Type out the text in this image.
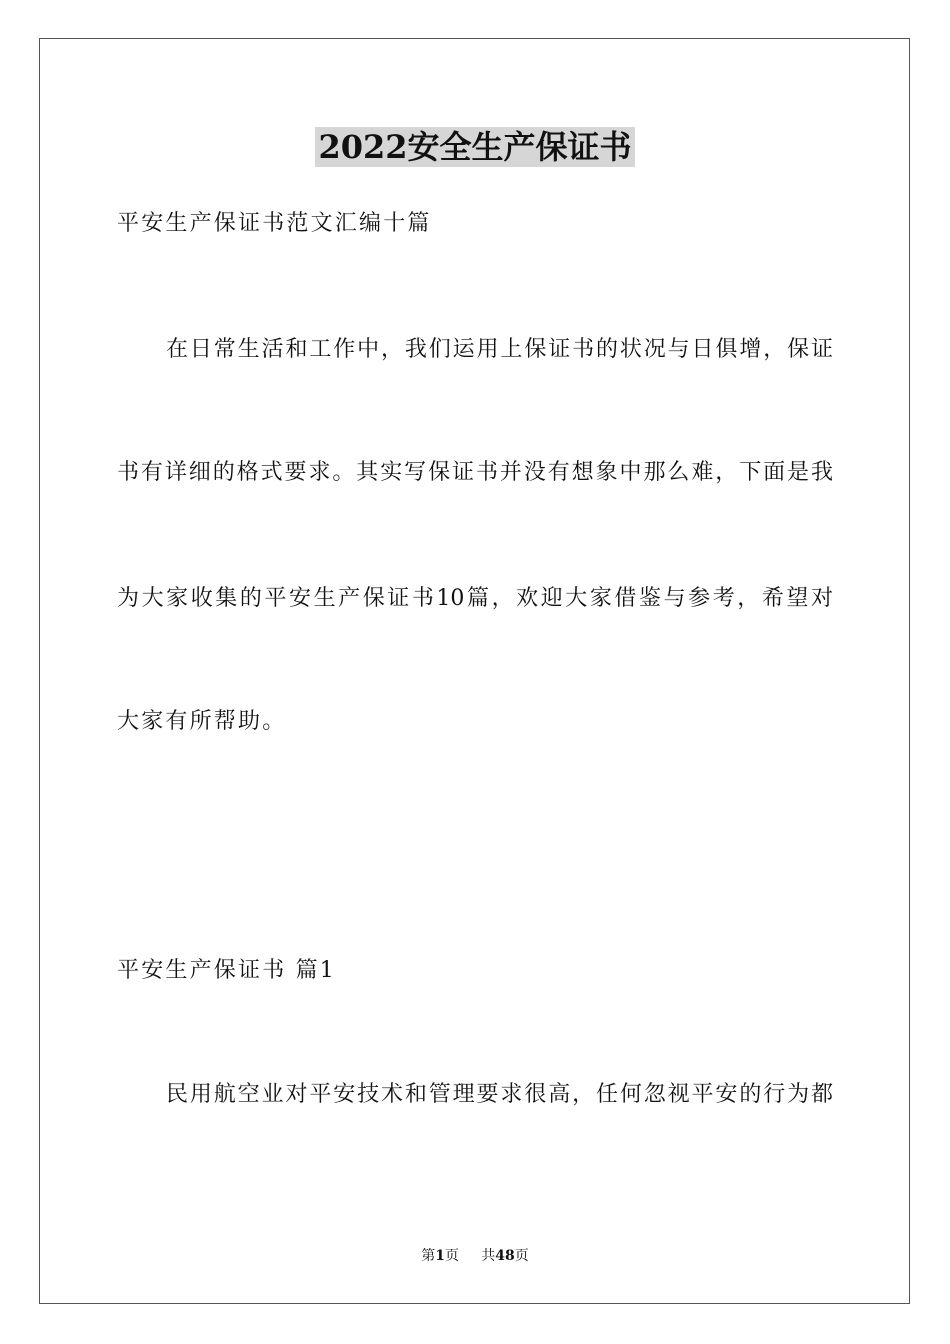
2022安全生产保证书
平安生产保证书范文汇编十篇
在日常生活和工作中，我们运用上保证书的状况与日俱增，保证
书有详细的格式要求。其实写保证书并没有想象中那么难，下面是我
为大家收集的平安生产保证书10篇，欢迎大家借鉴与参考，希望对
大家有所帮助。
平安生产保证书 篇1
民用航空业对平安技术和管理要求很高，任何忽视平安的行为都
第1页 共48页
